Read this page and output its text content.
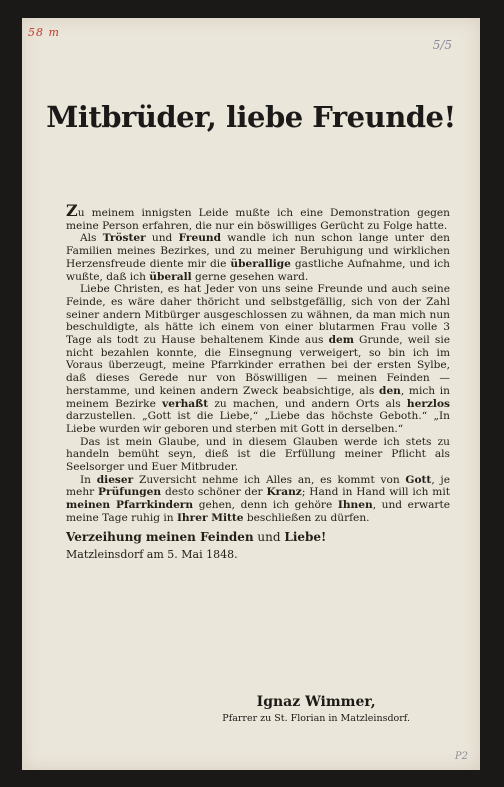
58 m
5/5
Mitbrüder, liebe Freunde!

Zu meinem innigsten Leide mußte ich eine Demonstration gegen meine Person erfahren, die nur ein böswilliges Gerücht zu Folge hatte.

Als Tröster und Freund wandle ich nun schon lange unter den Familien meines Bezirkes, und zu meiner Beruhigung und wirklichen Herzensfreude diente mir die überallige gastliche Aufnahme, und ich wußte, daß ich überall gerne gesehen ward.

Liebe Christen, es hat Jeder von uns seine Freunde und auch seine Feinde, es wäre daher thöricht und selbstgefällig, sich von der Zahl seiner andern Mitbürger ausgeschlossen zu wähnen, da man mich nun beschuldigte, als hätte ich einem von einer blutarmen Frau volle 3 Tage als todt zu Hause behaltenem Kinde aus dem Grunde, weil sie nicht bezahlen konnte, die Einsegnung verweigert, so bin ich im Voraus überzeugt, meine Pfarrkinder errathen bei der ersten Sylbe, daß dieses Gerede nur von Böswilligen — meinen Feinden — herstamme, und keinen andern Zweck beabsichtige, als den, mich in meinem Bezirke verhaßt zu machen, und andern Orts als herzlos darzustellen. „Gott ist die Liebe,“ „Liebe das höchste Geboth.“ „In Liebe wurden wir geboren und sterben mit Gott in derselben.“

Das ist mein Glaube, und in diesem Glauben werde ich stets zu handeln bemüht seyn, dieß ist die Erfüllung meiner Pflicht als Seelsorger und Euer Mitbruder.

In dieser Zuversicht nehme ich Alles an, es kommt von Gott, je mehr Prüfungen desto schöner der Kranz; Hand in Hand will ich mit meinen Pfarrkindern gehen, denn ich gehöre Ihnen, und erwarte meine Tage ruhig in Ihrer Mitte beschließen zu dürfen.

Verzeihung meinen Feinden und Liebe!

Matzleinsdorf am 5. Mai 1848.

Ignaz Wimmer,
Pfarrer zu St. Florian in Matzleinsdorf.
P2
